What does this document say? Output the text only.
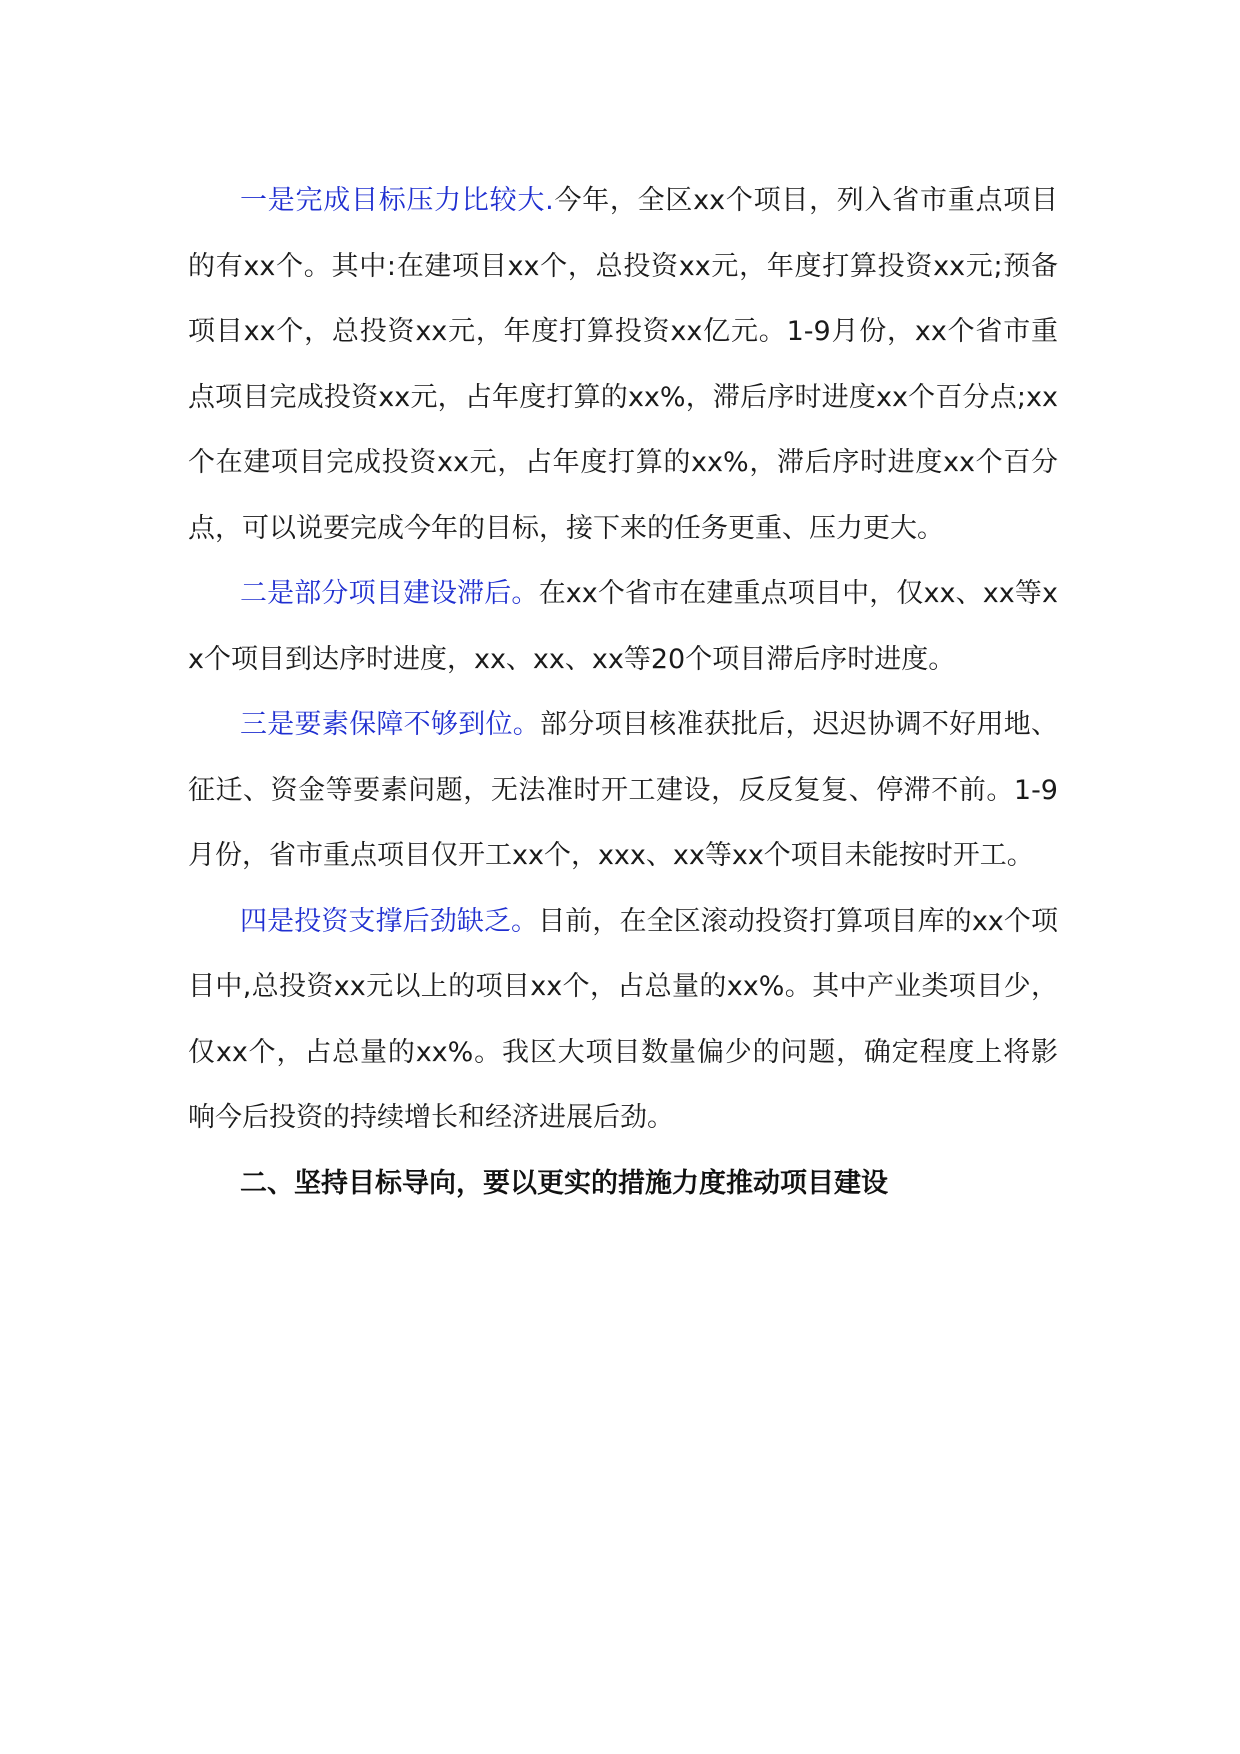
一是完成目标压力比较大.今年，全区xx个项目，列入省市重点项目的有xx个。其中:在建项目xx个，总投资xx元，年度打算投资xx元;预备项目xx个，总投资xx元，年度打算投资xx亿元。1-9月份，xx个省市重点项目完成投资xx元，占年度打算的xx%，滞后序时进度xx个百分点;xx个在建项目完成投资xx元，占年度打算的xx%，滞后序时进度xx个百分点，可以说要完成今年的目标，接下来的任务更重、压力更大。

二是部分项目建设滞后。在xx个省市在建重点项目中，仅xx、xx等xx个项目到达序时进度，xx、xx、xx等20个项目滞后序时进度。

三是要素保障不够到位。部分项目核准获批后，迟迟协调不好用地、征迁、资金等要素问题，无法准时开工建设，反反复复、停滞不前。1-9月份，省市重点项目仅开工xx个，xxx、xx等xx个项目未能按时开工。

四是投资支撑后劲缺乏。目前，在全区滚动投资打算项目库的xx个项目中,总投资xx元以上的项目xx个，占总量的xx%。其中产业类项目少，仅xx个，占总量的xx%。我区大项目数量偏少的问题，确定程度上将影响今后投资的持续增长和经济进展后劲。

二、坚持目标导向，要以更实的措施力度推动项目建设
